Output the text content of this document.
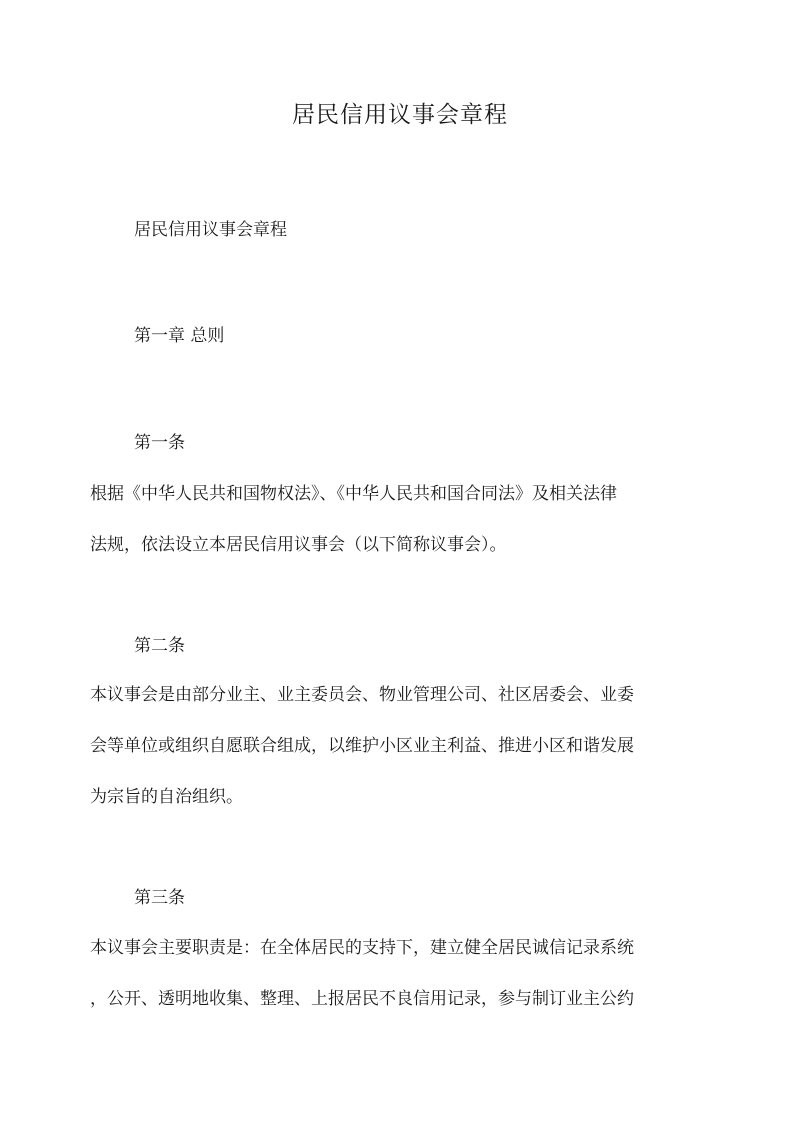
居民信用议事会章程

居民信用议事会章程

第一章 总则

第一条

根据《中华人民共和国物权法》、《中华人民共和国合同法》及相关法律

法规，依法设立本居民信用议事会（以下简称议事会）。

第二条

本议事会是由部分业主、业主委员会、物业管理公司、社区居委会、业委

会等单位或组织自愿联合组成，以维护小区业主利益、推进小区和谐发展

为宗旨的自治组织。

第三条

本议事会主要职责是：在全体居民的支持下，建立健全居民诚信记录系统

，公开、透明地收集、整理、上报居民不良信用记录，参与制订业主公约
